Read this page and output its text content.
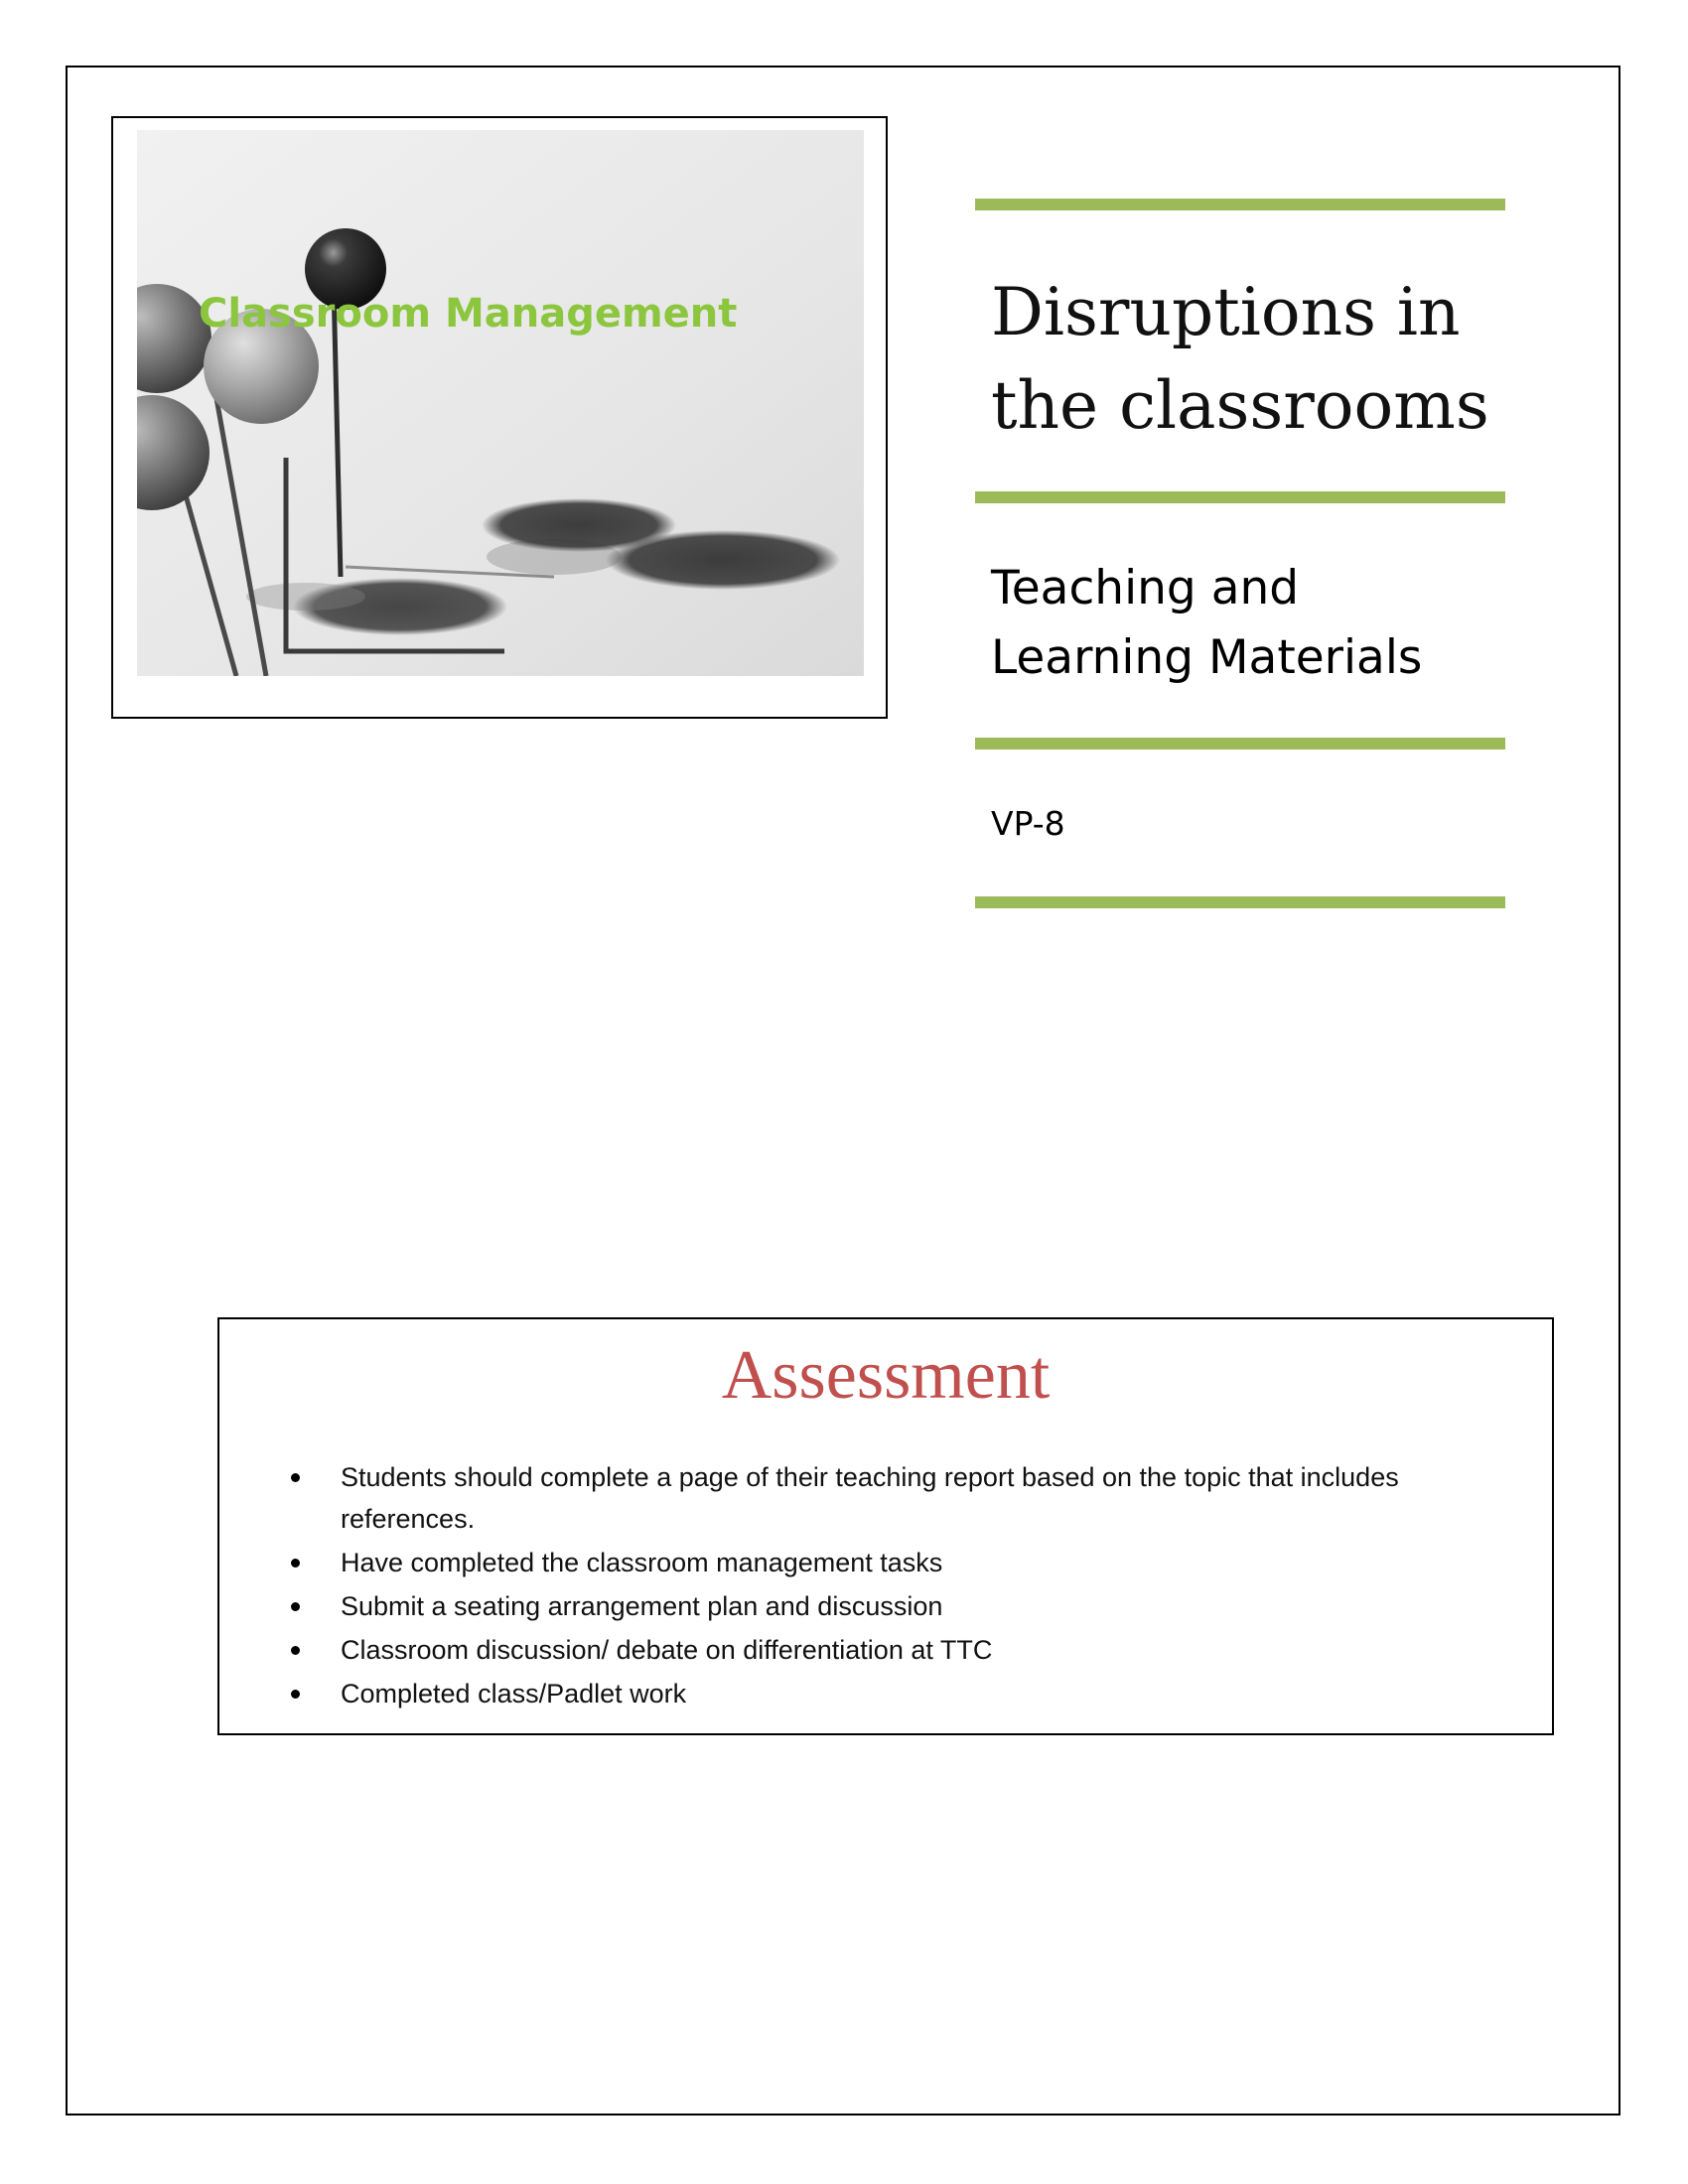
Classroom Management	Disruptions in the classrooms
Teaching and Learning Materials
VP-8
Assessment
Students should complete a page of their teaching report based on the topic that includes references.
Have completed the classroom management tasks
Submit a seating arrangement plan and discussion
Classroom discussion/ debate on differentiation at TTC
Completed class/Padlet work
